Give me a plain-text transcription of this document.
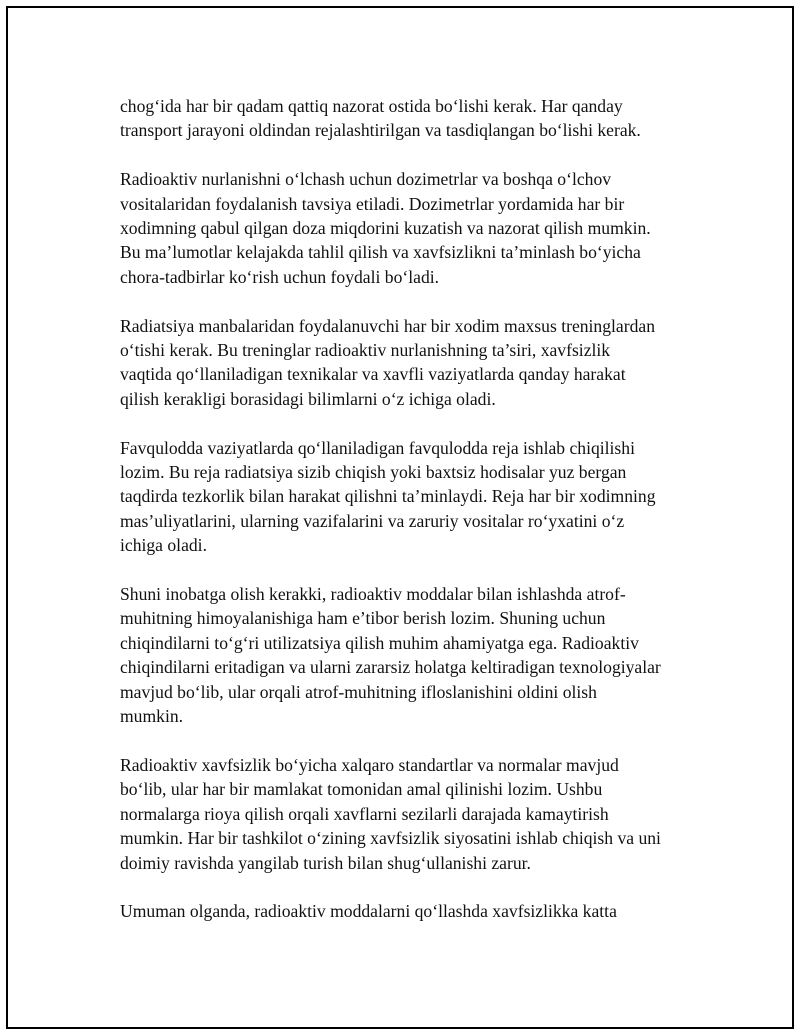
chog‘ida har bir qadam qattiq nazorat ostida bo‘lishi kerak. Har qanday
transport jarayoni oldindan rejalashtirilgan va tasdiqlangan bo‘lishi kerak.

Radioaktiv nurlanishni o‘lchash uchun dozimetrlar va boshqa o‘lchov
vositalaridan foydalanish tavsiya etiladi. Dozimetrlar yordamida har bir
xodimning qabul qilgan doza miqdorini kuzatish va nazorat qilish mumkin.
Bu ma’lumotlar kelajakda tahlil qilish va xavfsizlikni ta’minlash bo‘yicha
chora-tadbirlar ko‘rish uchun foydali bo‘ladi.

Radiatsiya manbalaridan foydalanuvchi har bir xodim maxsus treninglardan
o‘tishi kerak. Bu treninglar radioaktiv nurlanishning ta’siri, xavfsizlik
vaqtida qo‘llaniladigan texnikalar va xavfli vaziyatlarda qanday harakat
qilish kerakligi borasidagi bilimlarni o‘z ichiga oladi.

Favqulodda vaziyatlarda qo‘llaniladigan favqulodda reja ishlab chiqilishi
lozim. Bu reja radiatsiya sizib chiqish yoki baxtsiz hodisalar yuz bergan
taqdirda tezkorlik bilan harakat qilishni ta’minlaydi. Reja har bir xodimning
mas’uliyatlarini, ularning vazifalarini va zaruriy vositalar ro‘yxatini o‘z
ichiga oladi.

Shuni inobatga olish kerakki, radioaktiv moddalar bilan ishlashda atrof-
muhitning himoyalanishiga ham e’tibor berish lozim. Shuning uchun
chiqindilarni to‘g‘ri utilizatsiya qilish muhim ahamiyatga ega. Radioaktiv
chiqindilarni eritadigan va ularni zararsiz holatga keltiradigan texnologiyalar
mavjud bo‘lib, ular orqali atrof-muhitning ifloslanishini oldini olish
mumkin.

Radioaktiv xavfsizlik bo‘yicha xalqaro standartlar va normalar mavjud
bo‘lib, ular har bir mamlakat tomonidan amal qilinishi lozim. Ushbu
normalarga rioya qilish orqali xavflarni sezilarli darajada kamaytirish
mumkin. Har bir tashkilot o‘zining xavfsizlik siyosatini ishlab chiqish va uni
doimiy ravishda yangilab turish bilan shug‘ullanishi zarur.

Umuman olganda, radioaktiv moddalarni qo‘llashda xavfsizlikka katta
